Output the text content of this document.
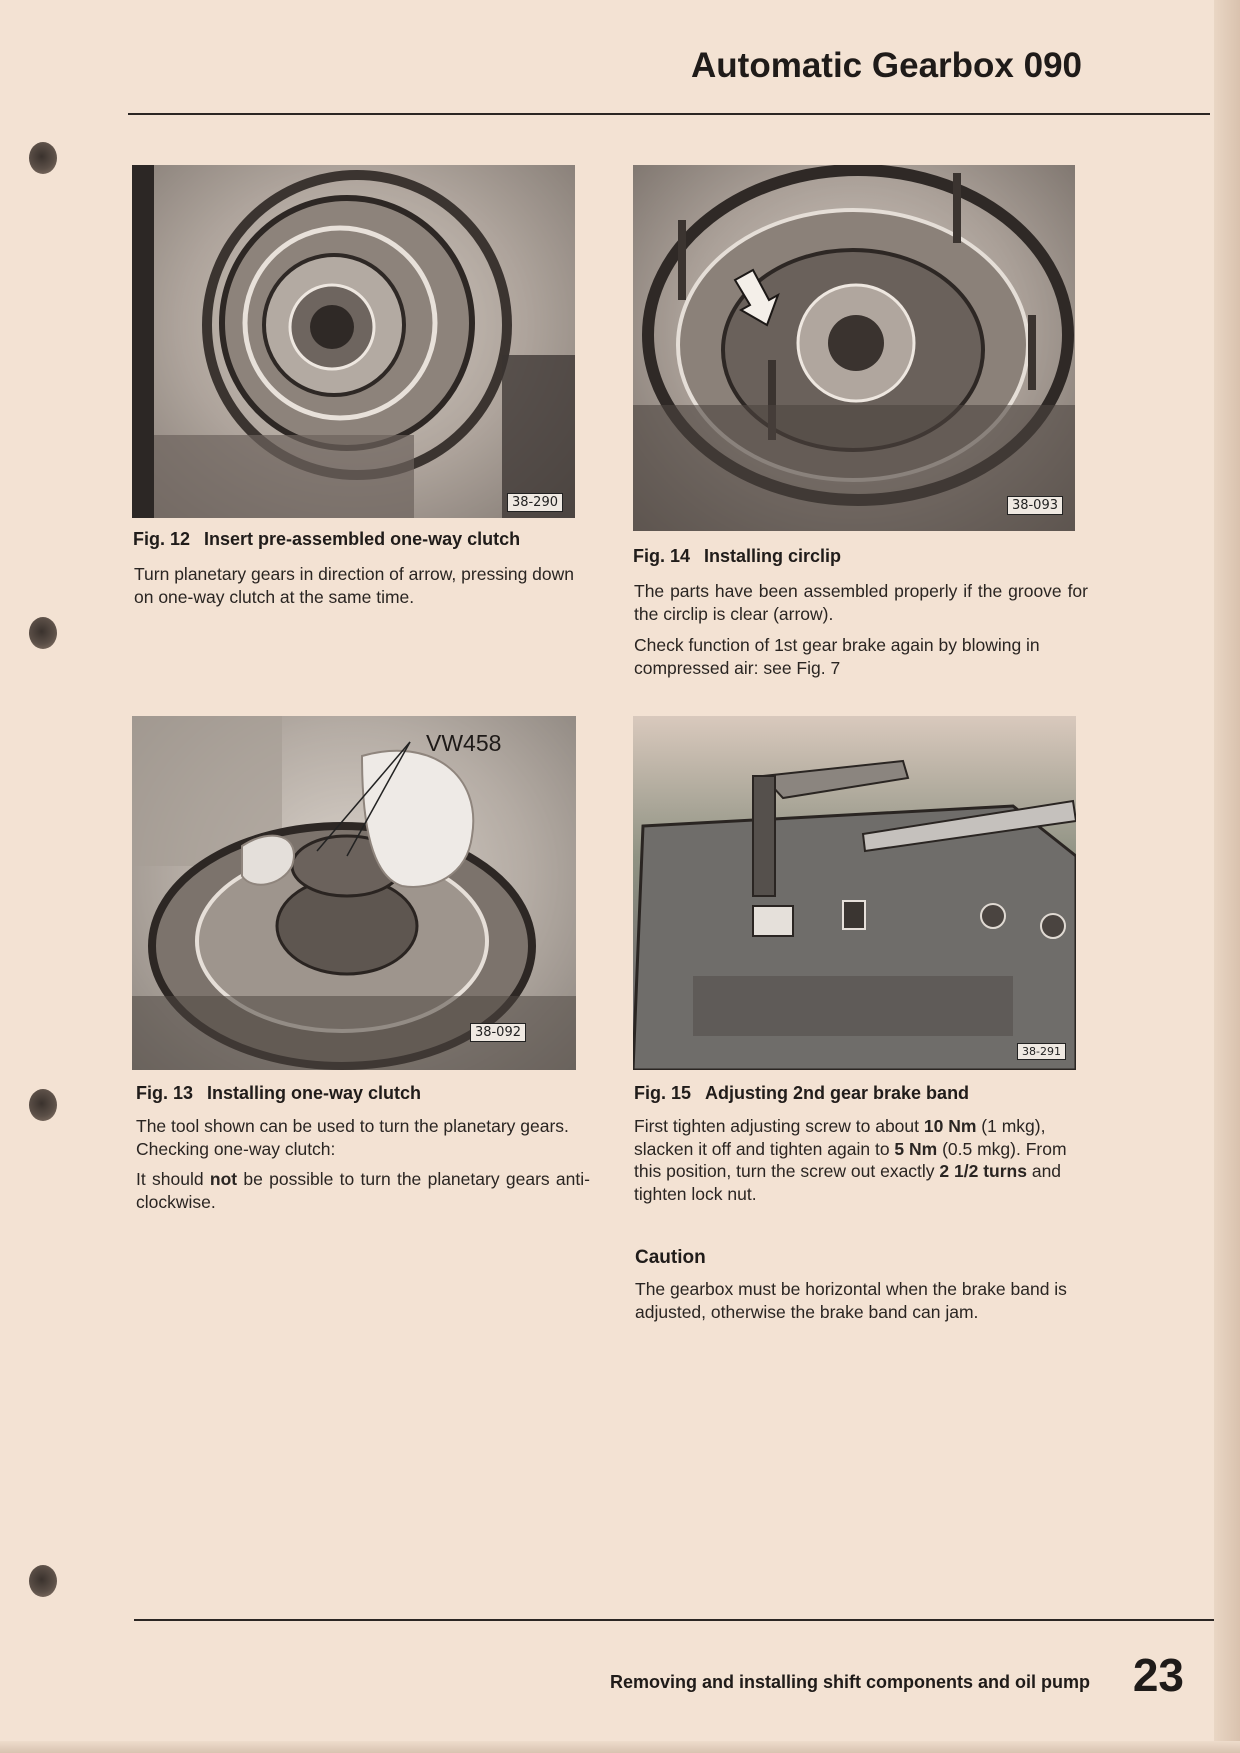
Automatic Gearbox 090
38-290
Fig. 12 Insert pre-assembled one-way clutch

Turn planetary gears in direction of arrow, pressing down on one-way clutch at the same time.

38-093
Fig. 14 Installing circlip

The parts have been assembled properly if the groove for the circlip is clear (arrow).

Check function of 1st gear brake again by blowing in compressed air: see Fig. 7

VW458
38-092
Fig. 13 Installing one-way clutch

The tool shown can be used to turn the planetary gears. Checking one-way clutch:

It should not be possible to turn the planetary gears anti-clockwise.

38-291
Fig. 15 Adjusting 2nd gear brake band

First tighten adjusting screw to about 10 Nm (1 mkg), slacken it off and tighten again to 5 Nm (0.5 mkg). From this position, turn the screw out exactly 2 1/2 turns and tighten lock nut.

Caution

The gearbox must be horizontal when the brake band is adjusted, otherwise the brake band can jam.

Removing and installing shift components and oil pump 23
